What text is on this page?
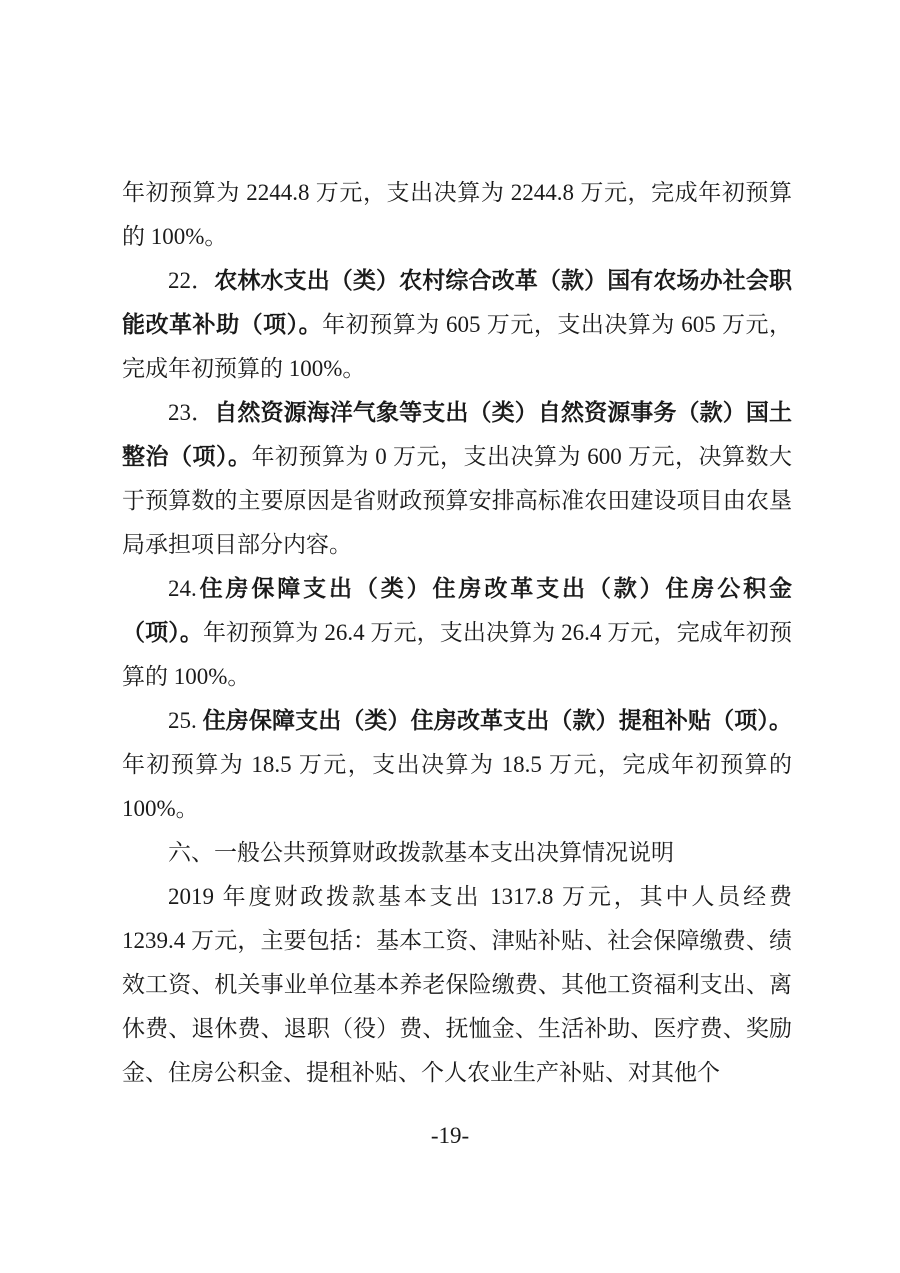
年初预算为 2244.8 万元，支出决算为 2244.8 万元，完成年初预算的 100%。

22．农林水支出（类）农村综合改革（款）国有农场办社会职能改革补助（项）。年初预算为 605 万元，支出决算为 605 万元，完成年初预算的 100%。

23．自然资源海洋气象等支出（类）自然资源事务（款）国土整治（项）。年初预算为 0 万元，支出决算为 600 万元，决算数大于预算数的主要原因是省财政预算安排高标准农田建设项目由农垦局承担项目部分内容。

24.住房保障支出（类）住房改革支出（款）住房公积金（项）。年初预算为 26.4 万元，支出决算为 26.4 万元，完成年初预算的 100%。

25. 住房保障支出（类）住房改革支出（款）提租补贴（项）。年初预算为 18.5 万元，支出决算为 18.5 万元，完成年初预算的 100%。

六、一般公共预算财政拨款基本支出决算情况说明

2019 年度财政拨款基本支出 1317.8 万元，其中人员经费 1239.4 万元，主要包括：基本工资、津贴补贴、社会保障缴费、绩效工资、机关事业单位基本养老保险缴费、其他工资福利支出、离休费、退休费、退职（役）费、抚恤金、生活补助、医疗费、奖励金、住房公积金、提租补贴、个人农业生产补贴、对其他个

-19-
